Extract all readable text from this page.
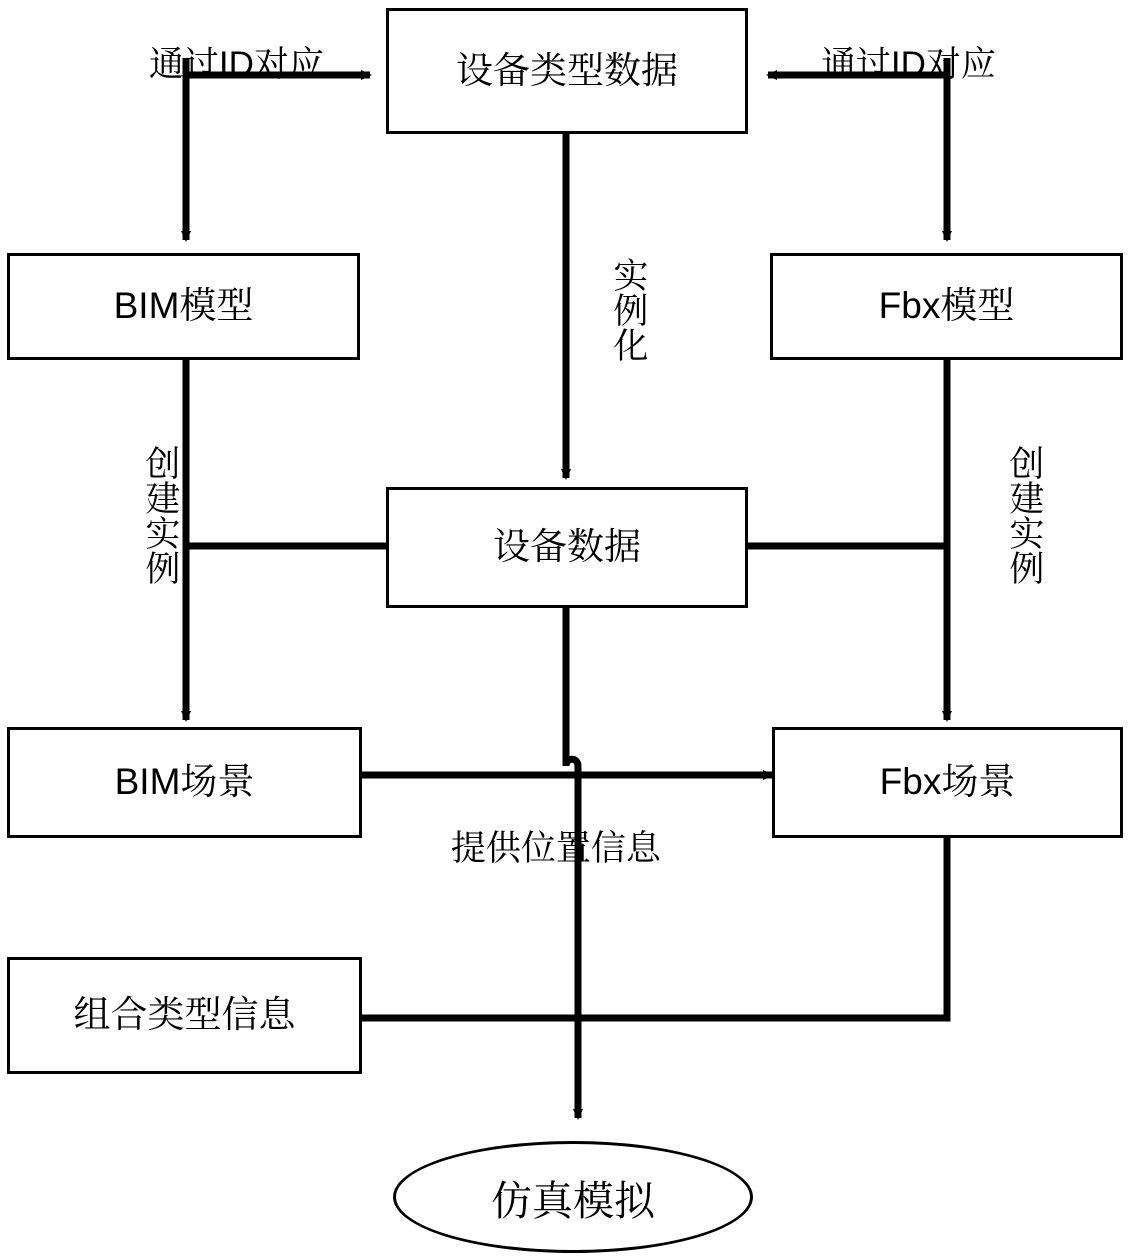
设备类型数据
BIM模型	Fbx模型
设备数据
BIM场景	Fbx场景
组合类型信息
仿真模拟

通过ID对应
	通过ID对应

实例化

创建实例
	创建实例

提供位置信息
